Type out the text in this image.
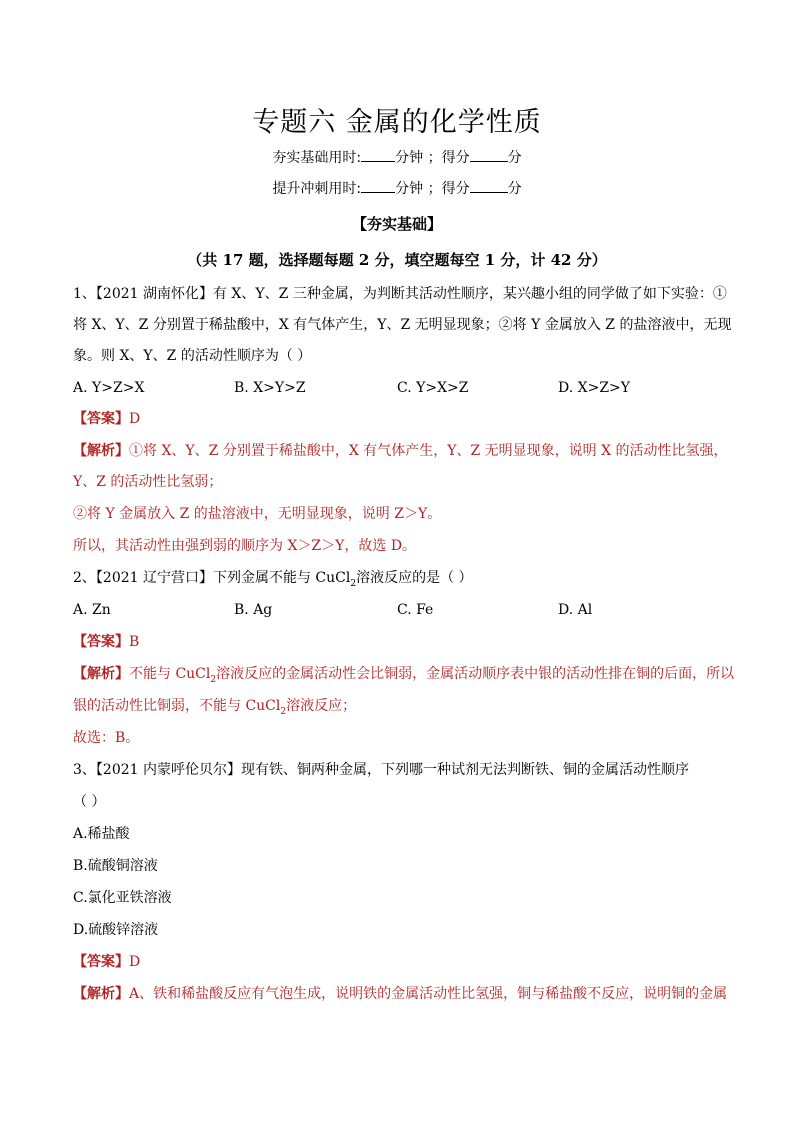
专题六 金属的化学性质
夯实基础用时: 分钟 ；得分	分
提升冲刺用时: 分钟 ；得分	分
【夯实基础】
（共 17 题，选择题每题 2 分，填空题每空 1 分，计 42 分）
1、【2021 湖南怀化】有 X、Y、Z 三种金属，为判断其活动性顺序，某兴趣小组的同学做了如下实验：①
将 X、Y、Z 分别置于稀盐酸中，X 有气体产生，Y、Z 无明显现象；②将 Y 金属放入 Z 的盐溶液中，无现
象。则 X、Y、Z 的活动性顺序为（ ）
A. Y>Z>X	B. X>Y>Z	C. Y>X>Z	D. X>Z>Y
【答案】D
【解析】①将 X、Y、Z 分别置于稀盐酸中，X 有气体产生，Y、Z 无明显现象，说明 X 的活动性比氢强，
Y、Z 的活动性比氢弱；
②将 Y 金属放入 Z 的盐溶液中，无明显现象，说明 Z＞Y。
所以，其活动性由强到弱的顺序为 X＞Z＞Y，故选 D。
2、【2021 辽宁营口】下列金属不能与 CuCl$_2$溶液反应的是（ ）
A. Zn	B. Ag	C. Fe	D. Al
【答案】B
【解析】不能与 CuCl$_2$溶液反应的金属活动性会比铜弱，金属活动顺序表中银的活动性排在铜的后面，所以
银的活动性比铜弱，不能与 CuCl$_2$溶液反应；
故选：B。
3、【2021 内蒙呼伦贝尔】现有铁、铜两种金属，下列哪一种试剂无法判断铁、铜的金属活动性顺序
（ ）
A.稀盐酸
B.硫酸铜溶液
C.氯化亚铁溶液
D.硫酸锌溶液
【答案】D
【解析】A、铁和稀盐酸反应有气泡生成，说明铁的金属活动性比氢强，铜与稀盐酸不反应，说明铜的金属
